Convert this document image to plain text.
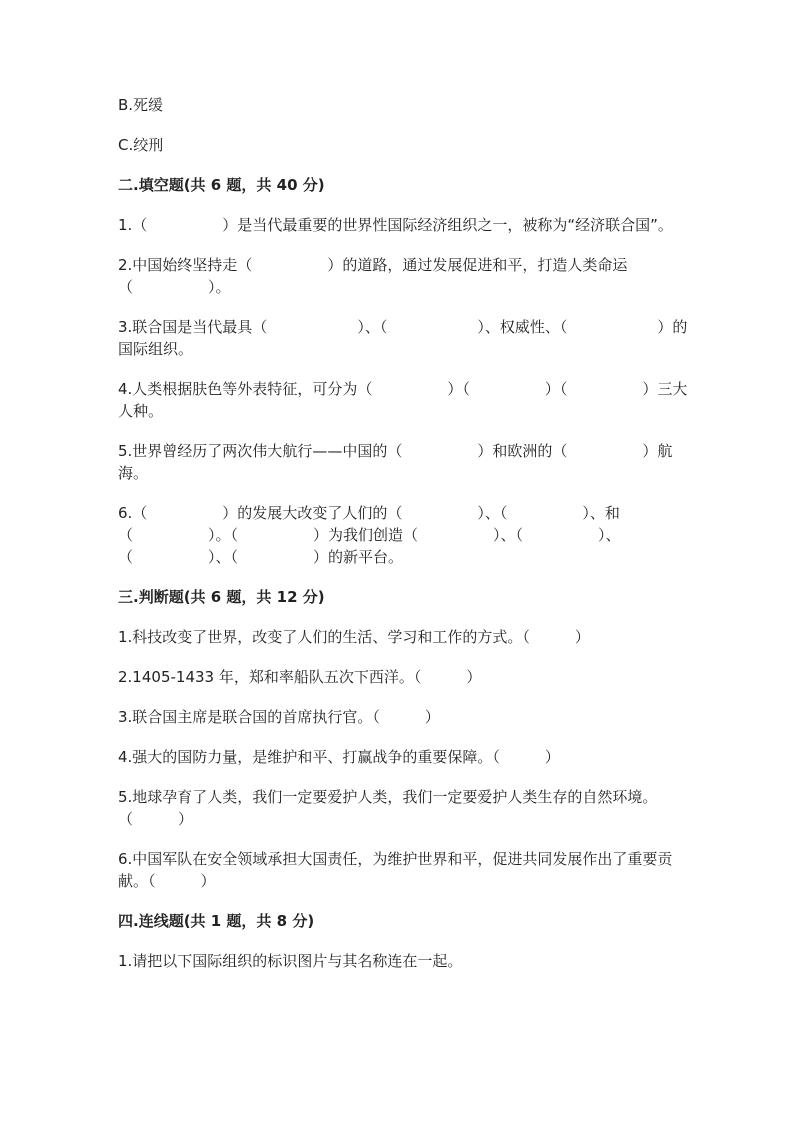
B.死缓

C.绞刑

二.填空题(共 6 题，共 40 分)

1.（　　　　　）是当代最重要的世界性国际经济组织之一，被称为“经济联合国”。

2.中国始终坚持走（　　　　　）的道路，通过发展促进和平，打造人类命运（　　　　　）。

3.联合国是当代最具（　　　　　　）、（　　　　　　）、权威性、（　　　　　　）的国际组织。

4.人类根据肤色等外表特征，可分为（　　　　　）（　　　　　）（　　　　　）三大人种。

5.世界曾经历了两次伟大航行——中国的（　　　　　）和欧洲的（　　　　　）航海。

6.（　　　　　）的发展大改变了人们的（　　　　　）、（　　　　　）、和（　　　　　）。（　　　　　）为我们创造（　　　　　）、（　　　　　）、（　　　　　）、（　　　　　）的新平台。

三.判断题(共 6 题，共 12 分)

1.科技改变了世界，改变了人们的生活、学习和工作的方式。（　　　）

2.1405-1433 年，郑和率船队五次下西洋。（　　　）

3.联合国主席是联合国的首席执行官。（　　　）

4.强大的国防力量，是维护和平、打赢战争的重要保障。（　　　）

5.地球孕育了人类，我们一定要爱护人类，我们一定要爱护人类生存的自然环境。（　　　）

6.中国军队在安全领域承担大国责任，为维护世界和平，促进共同发展作出了重要贡献。（　　　）

四.连线题(共 1 题，共 8 分)

1.请把以下国际组织的标识图片与其名称连在一起。
